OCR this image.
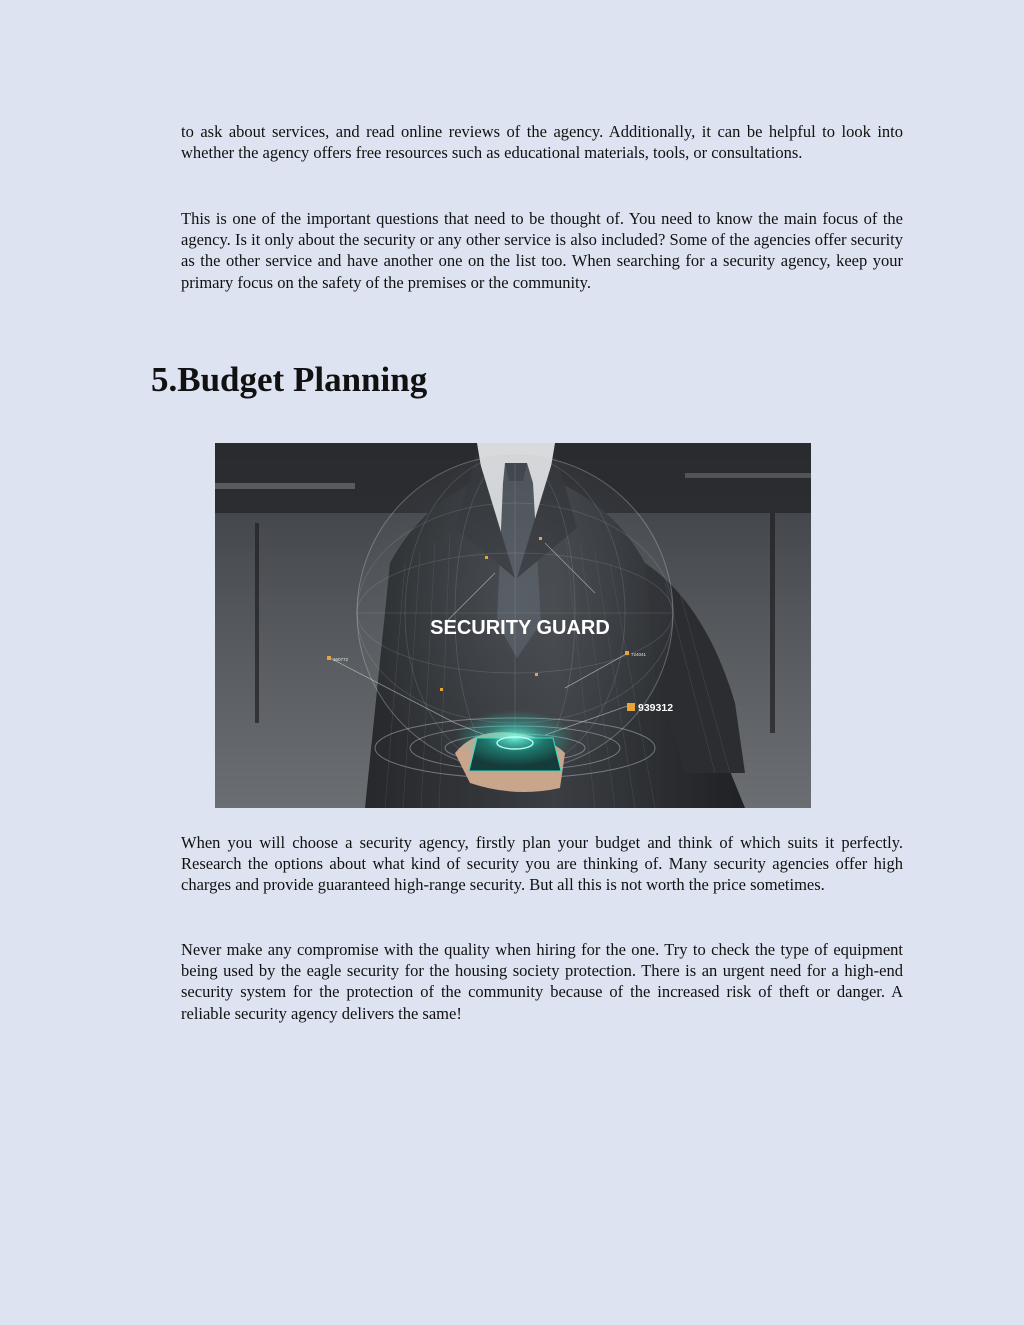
to ask about services, and read online reviews of the agency. Additionally, it can be helpful to look into whether the agency offers free resources such as educational materials, tools, or consultations.

This is one of the important questions that need to be thought of. You need to know the main focus of the agency. Is it only about the security or any other service is also included? Some of the agencies offer security as the other service and have another one on the list too. When searching for a security agency, keep your primary focus on the safety of the premises or the community.

5.Budget Planning
SECURITY GUARD
939312
360772
724041

When you will choose a security agency, firstly plan your budget and think of which suits it perfectly. Research the options about what kind of security you are thinking of. Many security agencies offer high charges and provide guaranteed high-range security. But all this is not worth the price sometimes.

Never make any compromise with the quality when hiring for the one. Try to check the type of equipment being used by the eagle security for the housing society protection. There is an urgent need for a high-end security system for the protection of the community because of the increased risk of theft or danger. A reliable security agency delivers the same!
